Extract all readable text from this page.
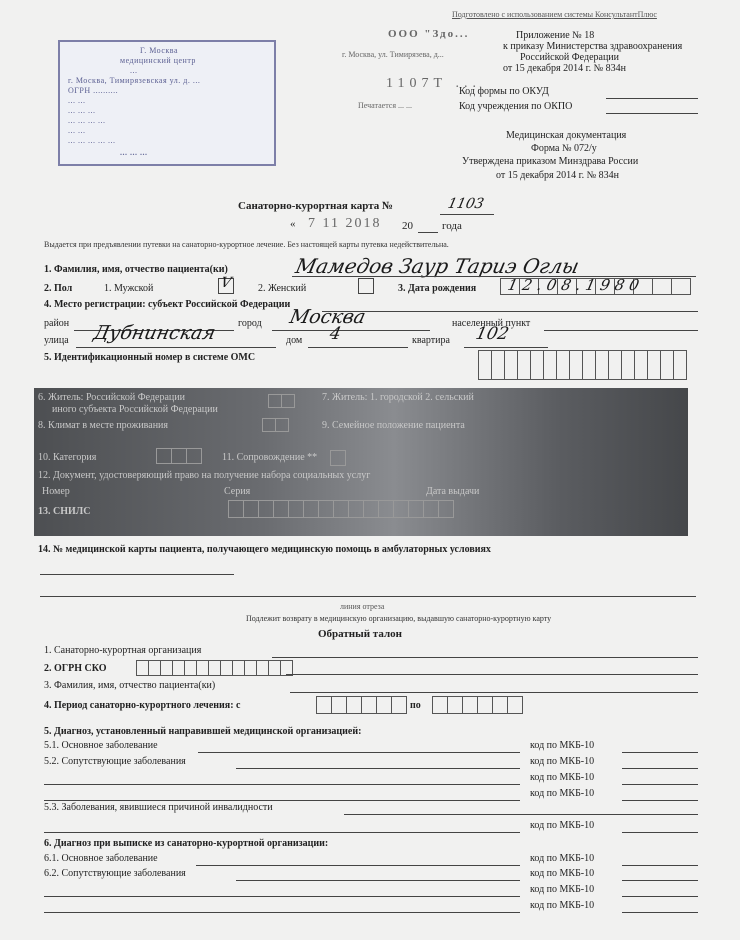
Подготовлено с использованием системы КонсультантПлюс
ООО "Здо...
г. Москва, ул. Тимирязева, д...
Приложение № 18
к приказу Министерства здравоохранения
Российской Федерации
от 15 декабря 2014 г. № 834н
1107Т ...
Код формы по ОКУД
Печатается ... ...	Код учреждения по ОКПО
Медицинская документация
Форма № 072/у
Утверждена приказом Минздрава России
от 15 декабря 2014 г. № 834н
Г. Москва
медицинский центр
...
г. Москва, Тимирязевская ул. д. ...
ОГРН ..........
... ...
... ... ...
... ... ... ...
... ...
... ... ... ... ...
... ... ...
Санаторно-курортная карта №	1103
« 7 11 2018 20	года
Выдается при предъявлении путевки на санаторно-курортное лечение. Без настоящей карты путевка недействительна.
1. Фамилия, имя, отчество пациента(ки)	Мамедов Заур Тариэ Оглы
2. Пол	1. Мужской	V	2. Женский	3. Дата рождения 12.08.1980
4. Место регистрации: субъект Российской Федерации
район	город Москва	населенный пункт
улица Дубнинская	дом 4	квартира 102
5. Идентификационный номер в системе ОМС
6. Житель: Российской Федерации
иного субъекта Российской Федерации
7. Житель: 1. городской 2. сельский
8. Климат в месте проживания	9. Семейное положение пациента
10. Категория	11. Сопровождение **
12. Документ, удостоверяющий право на получение набора социальных услуг
Номер	Серия	Дата выдачи
13. СНИЛС
14. № медицинской карты пациента, получающего медицинскую помощь в амбулаторных условиях
линия отреза
Подлежит возврату в медицинскую организацию, выдавшую санаторно-курортную карту
Обратный талон
1. Санаторно-курортная организация
2. ОГРН СКО
3. Фамилия, имя, отчество пациента(ки)
4. Период санаторно-курортного лечения: с	по
5. Диагноз, установленный направившей медицинской организацией:
5.1. Основное заболевание	код по МКБ-10
5.2. Сопутствующие заболевания	код по МКБ-10
код по МКБ-10
код по МКБ-10
5.3. Заболевания, явившиеся причиной инвалидности
код по МКБ-10
6. Диагноз при выписке из санаторно-курортной организации:
6.1. Основное заболевание	код по МКБ-10
6.2. Сопутствующие заболевания	код по МКБ-10
код по МКБ-10
код по МКБ-10
